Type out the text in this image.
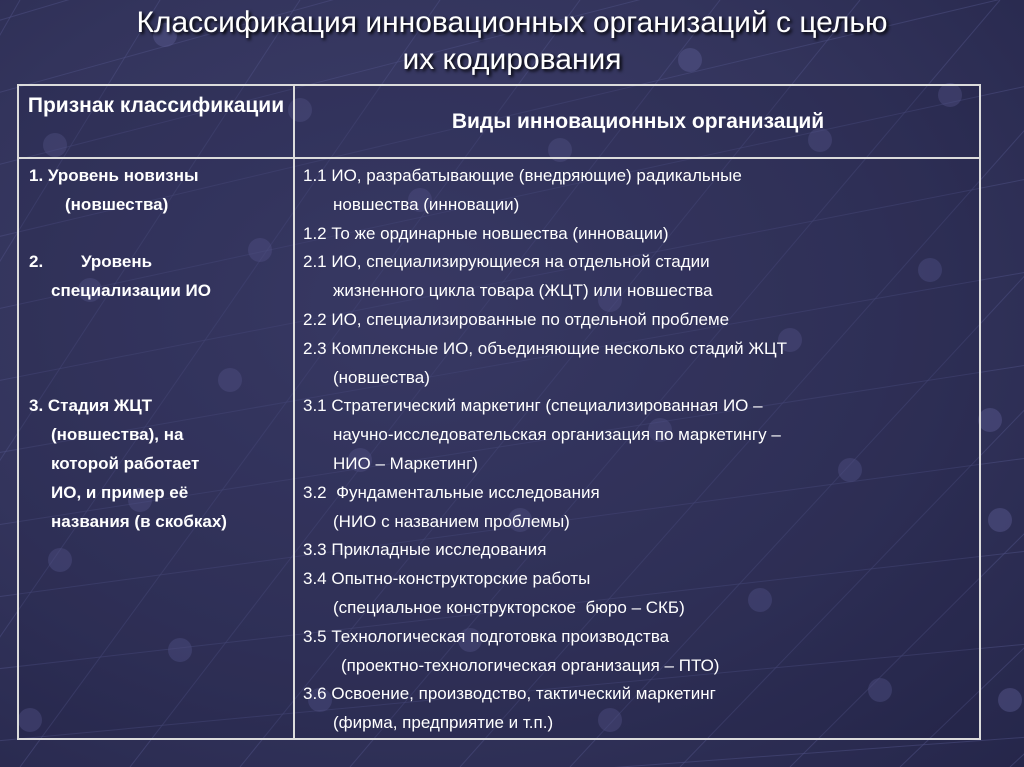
Классификация инновационных организаций с целью
их кодирования
Признак классификации
Виды инновационных организаций
1. Уровень новизны
(новшества)

2.        Уровень
специализации ИО

3. Стадия ЖЦТ
(новшества), на
которой работает
ИО, и пример её
названия (в скобках)
1.1 ИО, разрабатывающие (внедряющие) радикальные
новшества (инновации)
1.2 То же ординарные новшества (инновации)
2.1 ИО, специализирующиеся на отдельной стадии
жизненного цикла товара (ЖЦТ) или новшества
2.2 ИО, специализированные по отдельной проблеме
2.3 Комплексные ИО, объединяющие несколько стадий ЖЦТ
(новшества)
3.1 Стратегический маркетинг (специализированная ИО –
научно-исследовательская организация по маркетингу –
НИО – Маркетинг)
3.2  Фундаментальные исследования
(НИО с названием проблемы)
3.3 Прикладные исследования
3.4 Опытно-конструкторские работы
(специальное конструкторское  бюро – СКБ)
3.5 Технологическая подготовка производства
(проектно-технологическая организация – ПТО)
3.6 Освоение, производство, тактический маркетинг
(фирма, предприятие и т.п.)
